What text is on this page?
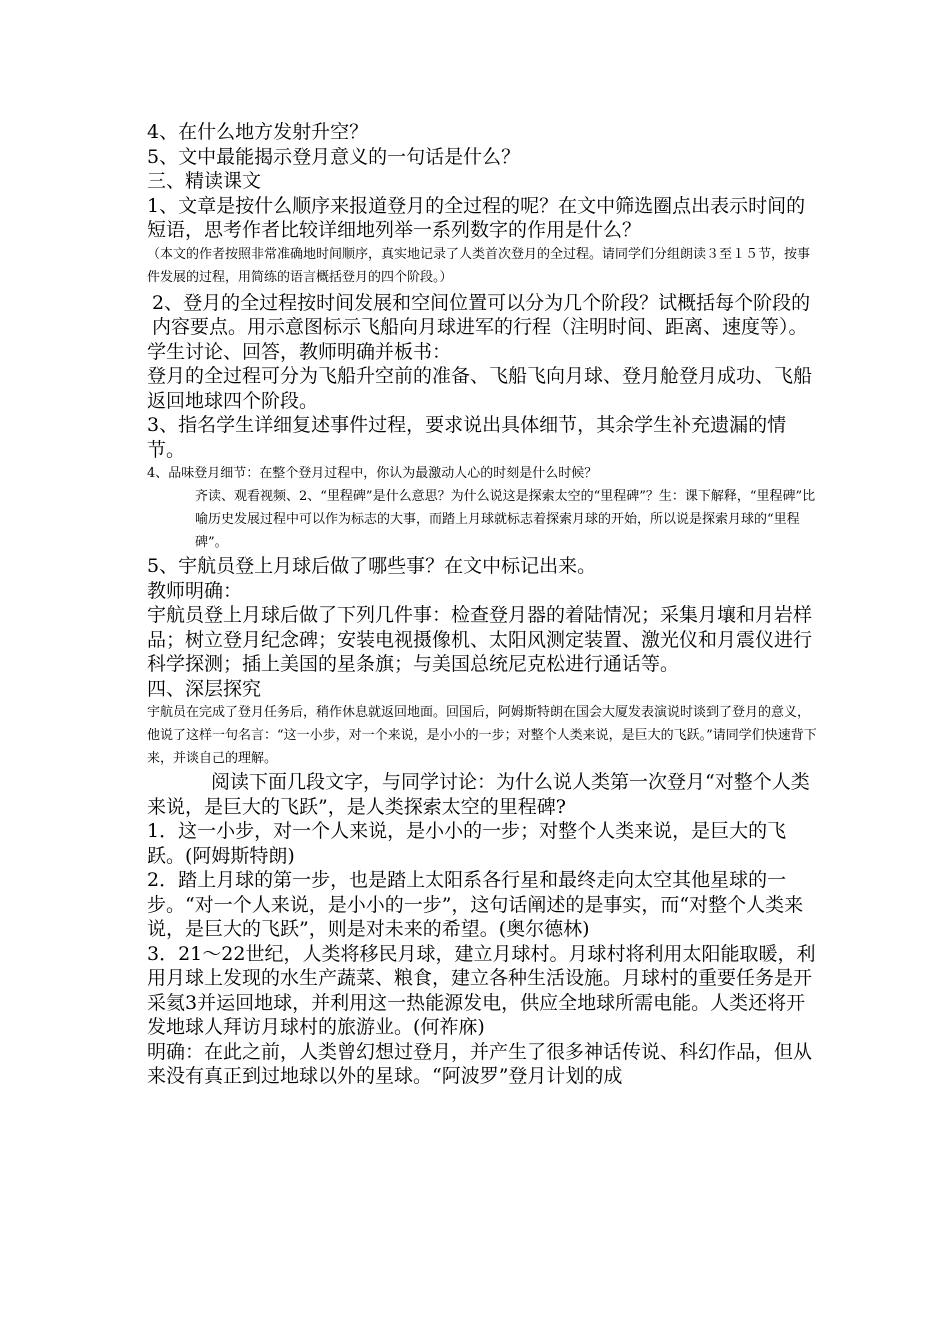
4、在什么地方发射升空？

5、文中最能揭示登月意义的一句话是什么？

三、精读课文

1、文章是按什么顺序来报道登月的全过程的呢？在文中筛选圈点出表示时间的短语，思考作者比较详细地列举一系列数字的作用是什么？

（本文的作者按照非常准确地时间顺序，真实地记录了人类首次登月的全过程。请同学们分组朗读３至１５节，按事件发展的过程，用简练的语言概括登月的四个阶段。）

2、登月的全过程按时间发展和空间位置可以分为几个阶段？试概括每个阶段的内容要点。用示意图标示飞船向月球进军的行程（注明时间、距离、速度等）。

学生讨论、回答，教师明确并板书：

登月的全过程可分为飞船升空前的准备、飞船飞向月球、登月舱登月成功、飞船返回地球四个阶段。

3、指名学生详细复述事件过程，要求说出具体细节，其余学生补充遗漏的情节。

4、品味登月细节：在整个登月过程中，你认为最激动人心的时刻是什么时候？

齐读、观看视频、2、“里程碑”是什么意思？为什么说这是探索太空的“里程碑”？生：课下解释，“里程碑”比喻历史发展过程中可以作为标志的大事，而踏上月球就标志着探索月球的开始，所以说是探索月球的“里程碑”。

5、宇航员登上月球后做了哪些事？在文中标记出来。

教师明确：

宇航员登上月球后做了下列几件事：检查登月器的着陆情况；采集月壤和月岩样品；树立登月纪念碑；安装电视摄像机、太阳风测定装置、激光仪和月震仪进行科学探测；插上美国的星条旗；与美国总统尼克松进行通话等。

四、深层探究

宇航员在完成了登月任务后，稍作休息就返回地面。回国后，阿姆斯特朗在国会大厦发表演说时谈到了登月的意义，他说了这样一句名言：“这一小步，对一个来说，是小小的一步；对整个人类来说，是巨大的飞跃。”请同学们快速背下来，并谈自己的理解。

阅读下面几段文字，与同学讨论：为什么说人类第一次登月“对整个人类来说，是巨大的飞跃”，是人类探索太空的里程碑?

1．这一小步，对一个人来说，是小小的一步；对整个人类来说，是巨大的飞跃。(阿姆斯特朗)

2．踏上月球的第一步，也是踏上太阳系各行星和最终走向太空其他星球的一步。“对一个人来说，是小小的一步”，这句话阐述的是事实，而“对整个人类来说，是巨大的飞跃”，则是对未来的希望。(奥尔德林)

3．21～22世纪，人类将移民月球，建立月球村。月球村将利用太阳能取暖，利用月球上发现的水生产蔬菜、粮食，建立各种生活设施。月球村的重要任务是开采氦3并运回地球，并利用这一热能源发电，供应全地球所需电能。人类还将开发地球人拜访月球村的旅游业。(何祚庥)

明确：在此之前，人类曾幻想过登月，并产生了很多神话传说、科幻作品，但从来没有真正到过地球以外的星球。“阿波罗”登月计划的成
